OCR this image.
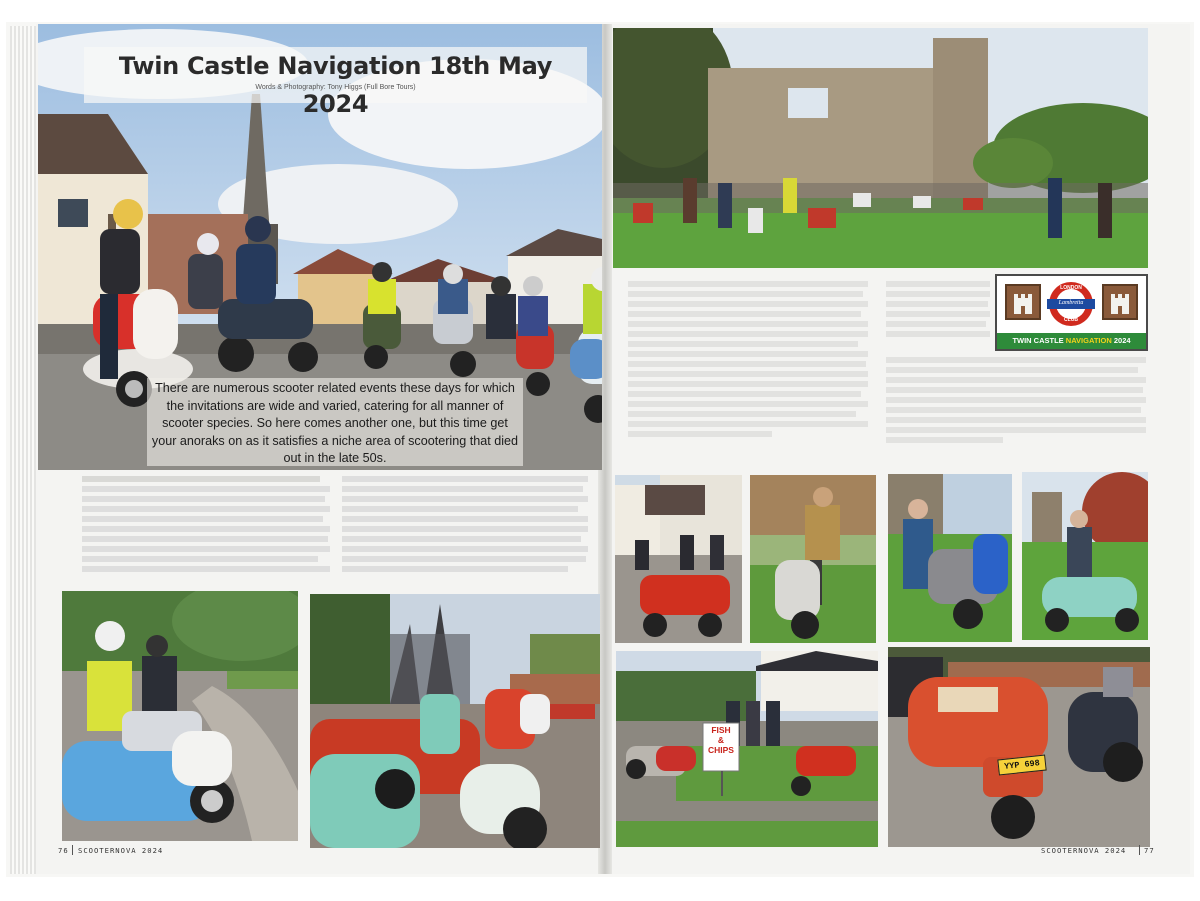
Twin Castle Navigation 18th May 2024
Words & Photography: Tony Higgs (Full Bore Tours)
There are numerous scooter related events these days for which the invitations are wide and varied, catering for all manner of scooter species. So here comes another one, but this time get your anoraks on as it satisfies a niche area of scootering that died out in the late 50s.
76 SCOOTERNOVA 2024
LONDON
Lambretta
CLUB
TWIN CASTLE NAVIGATION 2024
FISH
&
CHIPS
YYP 698
SCOOTERNOVA 2024 77
